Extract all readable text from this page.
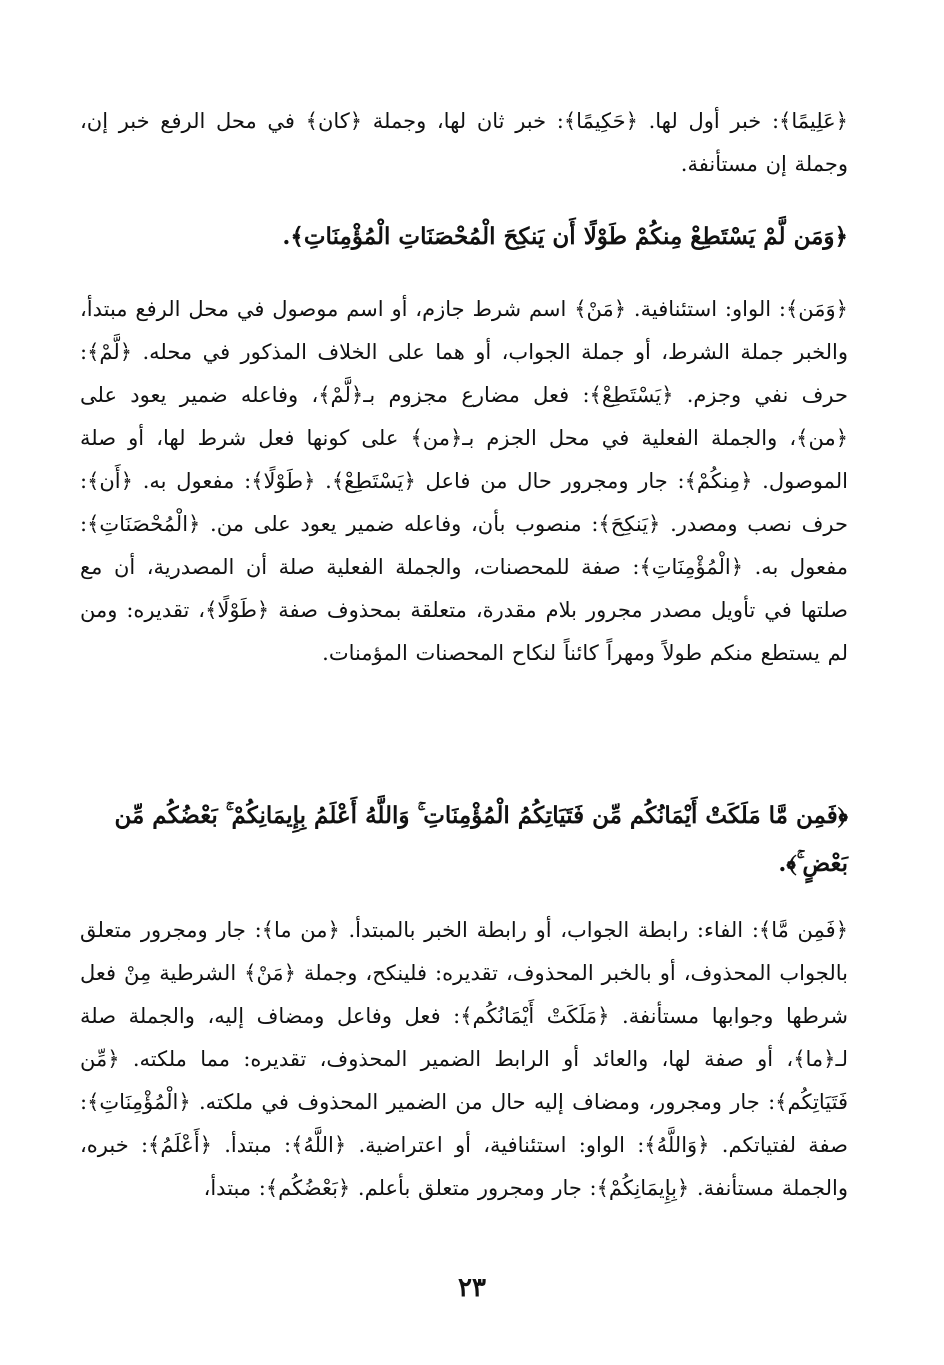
﴿عَلِيمًا﴾: خبر أول لها. ﴿حَكِيمًا﴾: خبر ثان لها، وجملة ﴿كان﴾ في محل الرفع خبر إن، وجملة إن مستأنفة.

﴿وَمَن لَّمْ يَسْتَطِعْ مِنكُمْ طَوْلًا أَن يَنكِحَ الْمُحْصَنَاتِ الْمُؤْمِنَاتِ﴾.

﴿وَمَن﴾: الواو: استئنافية. ﴿مَنْ﴾ اسم شرط جازم، أو اسم موصول في محل الرفع مبتدأ، والخبر جملة الشرط، أو جملة الجواب، أو هما على الخلاف المذكور في محله. ﴿لَّمْ﴾: حرف نفي وجزم. ﴿يَسْتَطِعْ﴾: فعل مضارع مجزوم بـ﴿لَّمْ﴾، وفاعله ضمير يعود على ﴿من﴾، والجملة الفعلية في محل الجزم بـ﴿من﴾ على كونها فعل شرط لها، أو صلة الموصول. ﴿مِنكُمْ﴾: جار ومجرور حال من فاعل ﴿يَسْتَطِعْ﴾. ﴿طَوْلًا﴾: مفعول به. ﴿أَن﴾: حرف نصب ومصدر. ﴿يَنكِحَ﴾: منصوب بأن، وفاعله ضمير يعود على من. ﴿الْمُحْصَنَاتِ﴾: مفعول به. ﴿الْمُؤْمِنَاتِ﴾: صفة للمحصنات، والجملة الفعلية صلة أن المصدرية، أن مع صلتها في تأويل مصدر مجرور بلام مقدرة، متعلقة بمحذوف صفة ﴿طَوْلًا﴾، تقديره: ومن لم يستطع منكم طولاً ومهراً كائناً لنكاح المحصنات المؤمنات.

﴿فَمِن مَّا مَلَكَتْ أَيْمَانُكُم مِّن فَتَيَاتِكُمُ الْمُؤْمِنَاتِ ۚ وَاللَّهُ أَعْلَمُ بِإِيمَانِكُمْ ۚ بَعْضُكُم مِّن بَعْضٍ ۚ﴾.

﴿فَمِن مَّا﴾: الفاء: رابطة الجواب، أو رابطة الخبر بالمبتدأ. ﴿من ما﴾: جار ومجرور متعلق بالجواب المحذوف، أو بالخبر المحذوف، تقديره: فلينكح، وجملة ﴿مَنْ﴾ الشرطية مِنْ فعل شرطها وجوابها مستأنفة. ﴿مَلَكَتْ أَيْمَانُكُم﴾: فعل وفاعل ومضاف إليه، والجملة صلة لـ﴿ما﴾، أو صفة لها، والعائد أو الرابط الضمير المحذوف، تقديره: مما ملكته. ﴿مِّن فَتَيَاتِكُم﴾: جار ومجرور، ومضاف إليه حال من الضمير المحذوف في ملكته. ﴿الْمُؤْمِنَاتِ﴾: صفة لفتياتكم. ﴿وَاللَّهُ﴾: الواو: استئنافية، أو اعتراضية. ﴿اللَّهُ﴾: مبتدأ. ﴿أَعْلَمُ﴾: خبره، والجملة مستأنفة. ﴿بِإِيمَانِكُمْ﴾: جار ومجرور متعلق بأعلم. ﴿بَعْضُكُم﴾: مبتدأ،

٢٣
